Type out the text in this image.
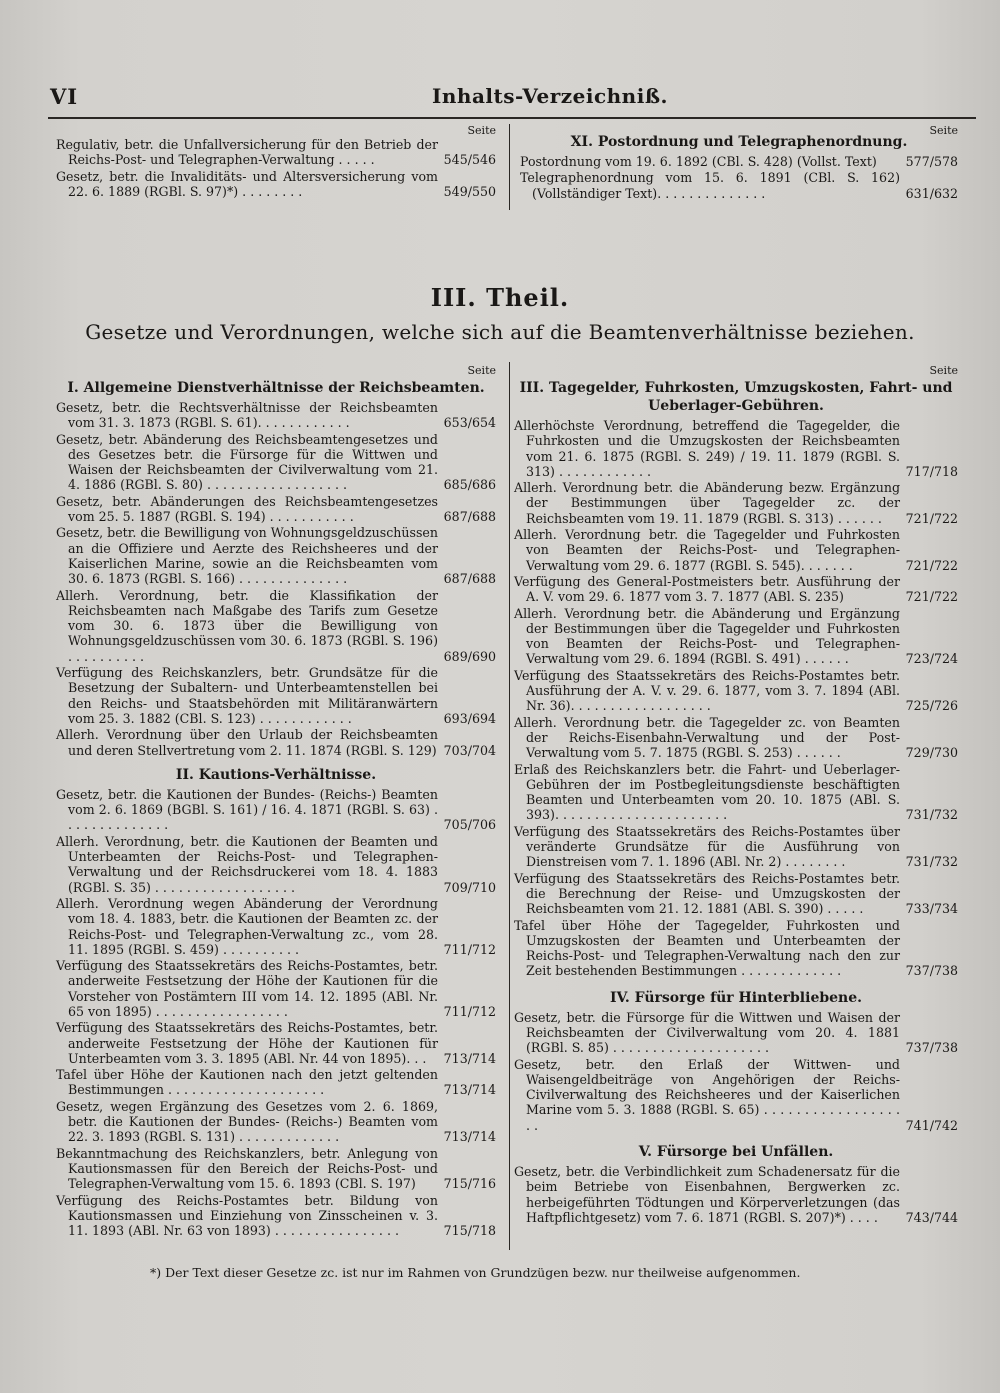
VI	Inhalts-Verzeichniß.
Seite
Regulativ, betr. die Unfallversicherung für den Betrieb der Reichs-Post- und Telegraphen-Verwaltung . . . . .	545/546
Gesetz, betr. die Invaliditäts- und Altersversicherung vom 22. 6. 1889 (RGBl. S. 97)*) . . . . . . . .	549/550
Seite
XI. Postordnung und Telegraphenordnung.
Postordnung vom 19. 6. 1892 (CBl. S. 428) (Vollst. Text)	577/578
Telegraphenordnung vom 15. 6. 1891 (CBl. S. 162) (Vollständiger Text). . . . . . . . . . . . . .	631/632
III. Theil.
Gesetze und Verordnungen, welche sich auf die Beamtenverhältnisse beziehen.
Seite
I. Allgemeine Dienstverhältnisse der Reichsbeamten.
Gesetz, betr. die Rechtsverhältnisse der Reichsbeamten vom 31. 3. 1873 (RGBl. S. 61). . . . . . . . . . . .	653/654
Gesetz, betr. Abänderung des Reichsbeamtengesetzes und des Gesetzes betr. die Fürsorge für die Wittwen und Waisen der Reichsbeamten der Civilverwaltung vom 21. 4. 1886 (RGBl. S. 80) . . . . . . . . . . . . . . . . . .	685/686
Gesetz, betr. Abänderungen des Reichsbeamtengesetzes vom 25. 5. 1887 (RGBl. S. 194) . . . . . . . . . . .	687/688
Gesetz, betr. die Bewilligung von Wohnungsgeldzuschüssen an die Offiziere und Aerzte des Reichsheeres und der Kaiserlichen Marine, sowie an die Reichsbeamten vom 30. 6. 1873 (RGBl. S. 166) . . . . . . . . . . . . . .	687/688
Allerh. Verordnung, betr. die Klassifikation der Reichsbeamten nach Maßgabe des Tarifs zum Gesetze vom 30. 6. 1873 über die Bewilligung von Wohnungsgeldzuschüssen vom 30. 6. 1873 (RGBl. S. 196) . . . . . . . . . .	689/690
Verfügung des Reichskanzlers, betr. Grundsätze für die Besetzung der Subaltern- und Unterbeamtenstellen bei den Reichs- und Staatsbehörden mit Militäranwärtern vom 25. 3. 1882 (CBl. S. 123) . . . . . . . . . . . .	693/694
Allerh. Verordnung über den Urlaub der Reichsbeamten und deren Stellvertretung vom 2. 11. 1874 (RGBl. S. 129) 703/704
II. Kautions-Verhältnisse.
Gesetz, betr. die Kautionen der Bundes- (Reichs-) Beamten vom 2. 6. 1869 (BGBl. S. 161) / 16. 4. 1871 (RGBl. S. 63) . . . . . . . . . . . . . .	705/706
Allerh. Verordnung, betr. die Kautionen der Beamten und Unterbeamten der Reichs-Post- und Telegraphen-Verwaltung und der Reichsdruckerei vom 18. 4. 1883 (RGBl. S. 35) . . . . . . . . . . . . . . . . . .	709/710
Allerh. Verordnung wegen Abänderung der Verordnung vom 18. 4. 1883, betr. die Kautionen der Beamten zc. der Reichs-Post- und Telegraphen-Verwaltung zc., vom 28. 11. 1895 (RGBl. S. 459) . . . . . . . . . .	711/712
Verfügung des Staatssekretärs des Reichs-Postamtes, betr. anderweite Festsetzung der Höhe der Kautionen für die Vorsteher von Postämtern III vom 14. 12. 1895 (ABl. Nr. 65 von 1895) . . . . . . . . . . . . . . . . .	711/712
Verfügung des Staatssekretärs des Reichs-Postamtes, betr. anderweite Festsetzung der Höhe der Kautionen für Unterbeamten vom 3. 3. 1895 (ABl. Nr. 44 von 1895). . .	713/714
Tafel über Höhe der Kautionen nach den jetzt geltenden Bestimmungen . . . . . . . . . . . . . . . . . . . .	713/714
Gesetz, wegen Ergänzung des Gesetzes vom 2. 6. 1869, betr. die Kautionen der Bundes- (Reichs-) Beamten vom 22. 3. 1893 (RGBl. S. 131) . . . . . . . . . . . . .	713/714
Bekanntmachung des Reichskanzlers, betr. Anlegung von Kautionsmassen für den Bereich der Reichs-Post- und Telegraphen-Verwaltung vom 15. 6. 1893 (CBl. S. 197)	715/716
Verfügung des Reichs-Postamtes betr. Bildung von Kautionsmassen und Einziehung von Zinsscheinen v. 3. 11. 1893 (ABl. Nr. 63 von 1893) . . . . . . . . . . . . . . . .	715/718
Seite
III. Tagegelder, Fuhrkosten, Umzugskosten, Fahrt- und Ueberlager-Gebühren.
Allerhöchste Verordnung, betreffend die Tagegelder, die Fuhrkosten und die Umzugskosten der Reichsbeamten vom 21. 6. 1875 (RGBl. S. 249) / 19. 11. 1879 (RGBl. S. 313) . . . . . . . . . . . .	717/718
Allerh. Verordnung betr. die Abänderung bezw. Ergänzung der Bestimmungen über Tagegelder zc. der Reichsbeamten vom 19. 11. 1879 (RGBl. S. 313) . . . . . .	721/722
Allerh. Verordnung betr. die Tagegelder und Fuhrkosten von Beamten der Reichs-Post- und Telegraphen-Verwaltung vom 29. 6. 1877 (RGBl. S. 545). . . . . . .	721/722
Verfügung des General-Postmeisters betr. Ausführung der A. V. vom 29. 6. 1877 vom 3. 7. 1877 (ABl. S. 235)	721/722
Allerh. Verordnung betr. die Abänderung und Ergänzung der Bestimmungen über die Tagegelder und Fuhrkosten von Beamten der Reichs-Post- und Telegraphen-Verwaltung vom 29. 6. 1894 (RGBl. S. 491) . . . . . .	723/724
Verfügung des Staatssekretärs des Reichs-Postamtes betr. Ausführung der A. V. v. 29. 6. 1877, vom 3. 7. 1894 (ABl. Nr. 36). . . . . . . . . . . . . . . . . .	725/726
Allerh. Verordnung betr. die Tagegelder zc. von Beamten der Reichs-Eisenbahn-Verwaltung und der Post-Verwaltung vom 5. 7. 1875 (RGBl. S. 253) . . . . . .	729/730
Erlaß des Reichskanzlers betr. die Fahrt- und Ueberlager-Gebühren der im Postbegleitungsdienste beschäftigten Beamten und Unterbeamten vom 20. 10. 1875 (ABl. S. 393). . . . . . . . . . . . . . . . . . . . . .	731/732
Verfügung des Staatssekretärs des Reichs-Postamtes über veränderte Grundsätze für die Ausführung von Dienstreisen vom 7. 1. 1896 (ABl. Nr. 2) . . . . . . . .	731/732
Verfügung des Staatssekretärs des Reichs-Postamtes betr. die Berechnung der Reise- und Umzugskosten der Reichsbeamten vom 21. 12. 1881 (ABl. S. 390) . . . . .	733/734
Tafel über Höhe der Tagegelder, Fuhrkosten und Umzugskosten der Beamten und Unterbeamten der Reichs-Post- und Telegraphen-Verwaltung nach den zur Zeit bestehenden Bestimmungen . . . . . . . . . . . . .	737/738
IV. Fürsorge für Hinterbliebene.
Gesetz, betr. die Fürsorge für die Wittwen und Waisen der Reichsbeamten der Civilverwaltung vom 20. 4. 1881 (RGBl. S. 85) . . . . . . . . . . . . . . . . . . . .	737/738
Gesetz, betr. den Erlaß der Wittwen- und Waisengeldbeiträge von Angehörigen der Reichs-Civilverwaltung des Reichsheeres und der Kaiserlichen Marine vom 5. 3. 1888 (RGBl. S. 65) . . . . . . . . . . . . . . . . . . .	741/742
V. Fürsorge bei Unfällen.
Gesetz, betr. die Verbindlichkeit zum Schadenersatz für die beim Betriebe von Eisenbahnen, Bergwerken zc. herbeigeführten Tödtungen und Körperverletzungen (das Haftpflichtgesetz) vom 7. 6. 1871 (RGBl. S. 207)*) . . . .	743/744
*) Der Text dieser Gesetze zc. ist nur im Rahmen von Grundzügen bezw. nur theilweise aufgenommen.
